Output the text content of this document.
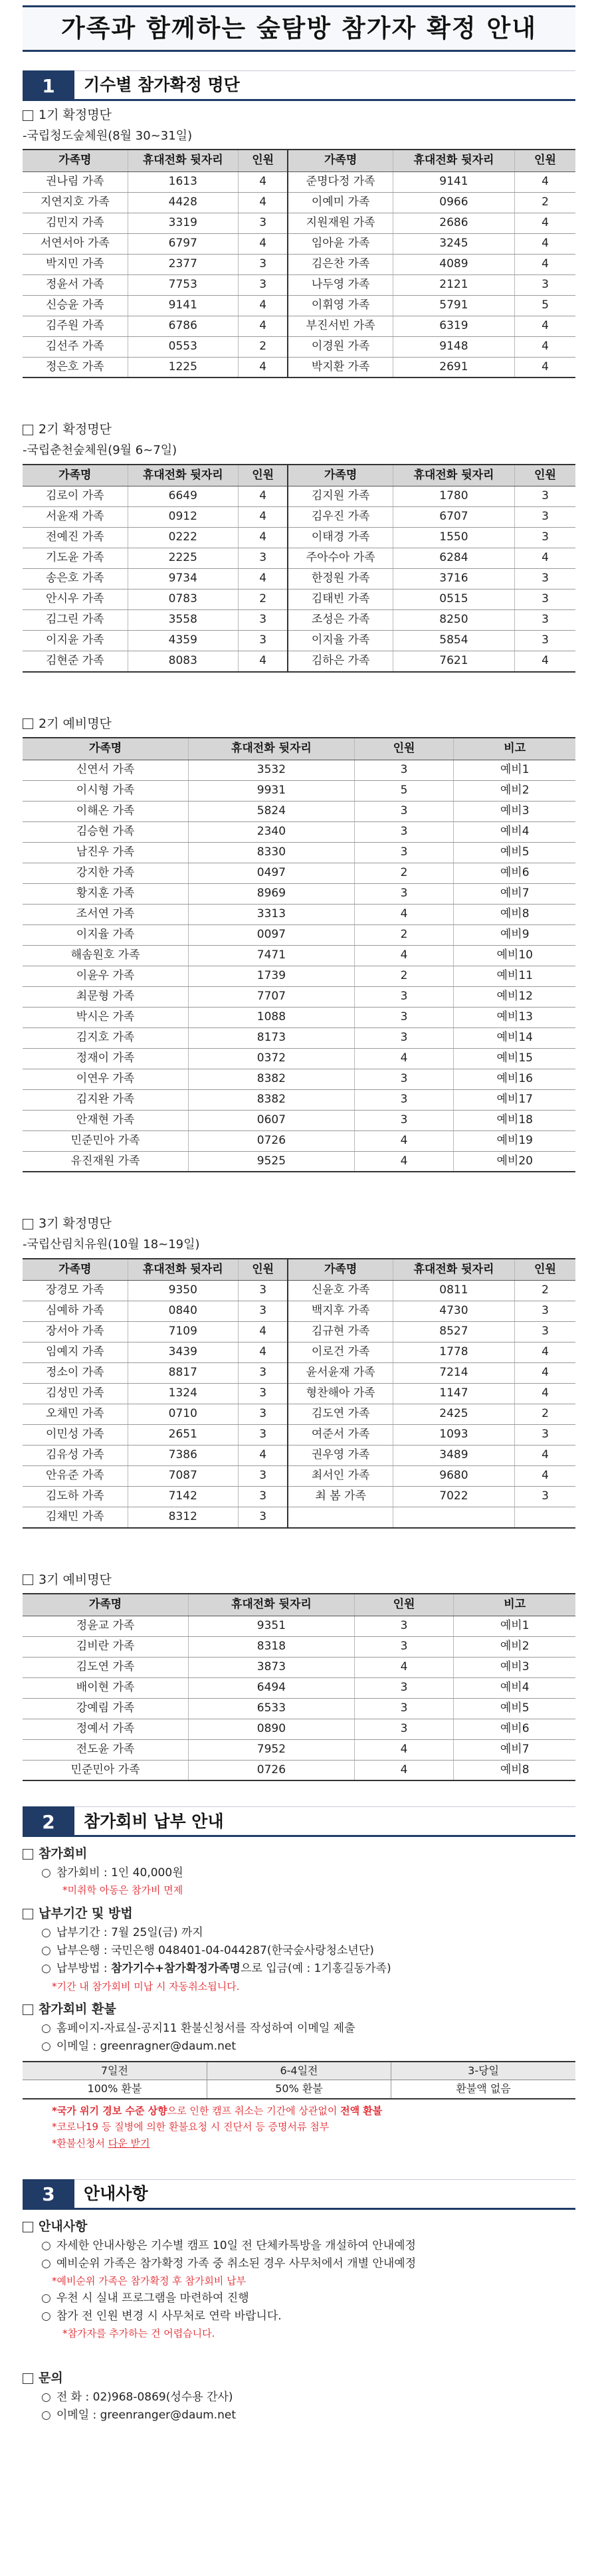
가족과 함께하는 숲탐방 참가자 확정 안내
1	기수별 참가확정 명단
1기 확정명단
-국립청도숲체원(8월 30~31일)
가족명	휴대전화 뒷자리	인원	가족명	휴대전화 뒷자리	인원
권나림 가족	1613	4	준명다정 가족	9141	4
지연지호 가족	4428	4	이예미 가족	0966	2
김민지 가족	3319	3	지원재원 가족	2686	4
서연서아 가족	6797	4	임아윤 가족	3245	4
박지민 가족	2377	3	김은찬 가족	4089	4
정윤서 가족	7753	3	나두영 가족	2121	3
신승윤 가족	9141	4	이휘영 가족	5791	5
김주원 가족	6786	4	부진서빈 가족	6319	4
김선주 가족	0553	2	이경원 가족	9148	4
정은호 가족	1225	4	박지환 가족	2691	4
2기 확정명단
-국립춘천숲체원(9월 6~7일)
가족명	휴대전화 뒷자리	인원	가족명	휴대전화 뒷자리	인원
김로이 가족	6649	4	김지원 가족	1780	3
서윤재 가족	0912	4	김우진 가족	6707	3
전예진 가족	0222	4	이태경 가족	1550	3
기도윤 가족	2225	3	주아수아 가족	6284	4
송은호 가족	9734	4	한정원 가족	3716	3
안시우 가족	0783	2	김태빈 가족	0515	3
김그린 가족	3558	3	조성은 가족	8250	3
이지윤 가족	4359	3	이지율 가족	5854	3
김현준 가족	8083	4	김하은 가족	7621	4
2기 예비명단
가족명	휴대전화 뒷자리	인원	비고
신연서 가족	3532	3	예비1
이시형 가족	9931	5	예비2
이해온 가족	5824	3	예비3
김승현 가족	2340	3	예비4
남진우 가족	8330	3	예비5
강지한 가족	0497	2	예비6
황지훈 가족	8969	3	예비7
조서연 가족	3313	4	예비8
이지율 가족	0097	2	예비9
해솜원호 가족	7471	4	예비10
이윤우 가족	1739	2	예비11
최문형 가족	7707	3	예비12
박시은 가족	1088	3	예비13
김지호 가족	8173	3	예비14
정재이 가족	0372	4	예비15
이연우 가족	8382	3	예비16
김지완 가족	8382	3	예비17
안재현 가족	0607	3	예비18
민준민아 가족	0726	4	예비19
유진재원 가족	9525	4	예비20
3기 확정명단
-국립산림치유원(10월 18~19일)
가족명	휴대전화 뒷자리	인원	가족명	휴대전화 뒷자리	인원
장경모 가족	9350	3	신윤호 가족	0811	2
심예하 가족	0840	3	백지후 가족	4730	3
장서아 가족	7109	4	김규현 가족	8527	3
임예지 가족	3439	4	이로건 가족	1778	4
정소이 가족	8817	3	윤서윤재 가족	7214	4
김성민 가족	1324	3	형찬해아 가족	1147	4
오채민 가족	0710	3	김도연 가족	2425	2
이민성 가족	2651	3	여준서 가족	1093	3
김유성 가족	7386	4	권우영 가족	3489	4
안유준 가족	7087	3	최서인 가족	9680	4
김도하 가족	7142	3	최 봄 가족	7022	3
김채민 가족	8312	3			
3기 예비명단
가족명	휴대전화 뒷자리	인원	비고
정윤교 가족	9351	3	예비1
김비란 가족	8318	3	예비2
김도연 가족	3873	4	예비3
배이현 가족	6494	3	예비4
강예림 가족	6533	3	예비5
정예서 가족	0890	3	예비6
전도윤 가족	7952	4	예비7
민준민아 가족	0726	4	예비8
2	참가회비 납부 안내
참가회비
○ 참가회비 : 1인 40,000원
*미취학 아동은 참가비 면제
납부기간 및 방법
○ 납부기간 : 7월 25일(금) 까지
○ 납부은행 : 국민은행 048401-04-044287(한국숲사랑청소년단)
○ 납부방법 : 참가기수+참가확정가족명으로 입금(예 : 1기홍길동가족)
*기간 내 참가회비 미납 시 자동취소됩니다.
참가회비 환불
○ 홈페이지-자료실-공지11 환불신청서를 작성하여 이메일 제출
○ 이메일 : greenragner@daum.net
7일전	6-4일전	3-당일
100% 환불	50% 환불	환불액 없음
*국가 위기 경보 수준 상향으로 인한 캠프 취소는 기간에 상관없이 전액 환불
*코로나19 등 질병에 의한 환불요청 시 진단서 등 증명서류 첨부
*환불신청서 다운 받기
3	안내사항
안내사항
○ 자세한 안내사항은 기수별 캠프 10일 전 단체카톡방을 개설하여 안내예정
○ 예비순위 가족은 참가확정 가족 중 취소된 경우 사무처에서 개별 안내예정
*예비순위 가족은 참가확정 후 참가회비 납부
○ 우천 시 실내 프로그램을 마련하여 진행
○ 참가 전 인원 변경 시 사무처로 연락 바랍니다.
*참가자를 추가하는 건 어렵습니다.
문의
○ 전 화 : 02)968-0869(성수용 간사)
○ 이메일 : greenranger@daum.net
